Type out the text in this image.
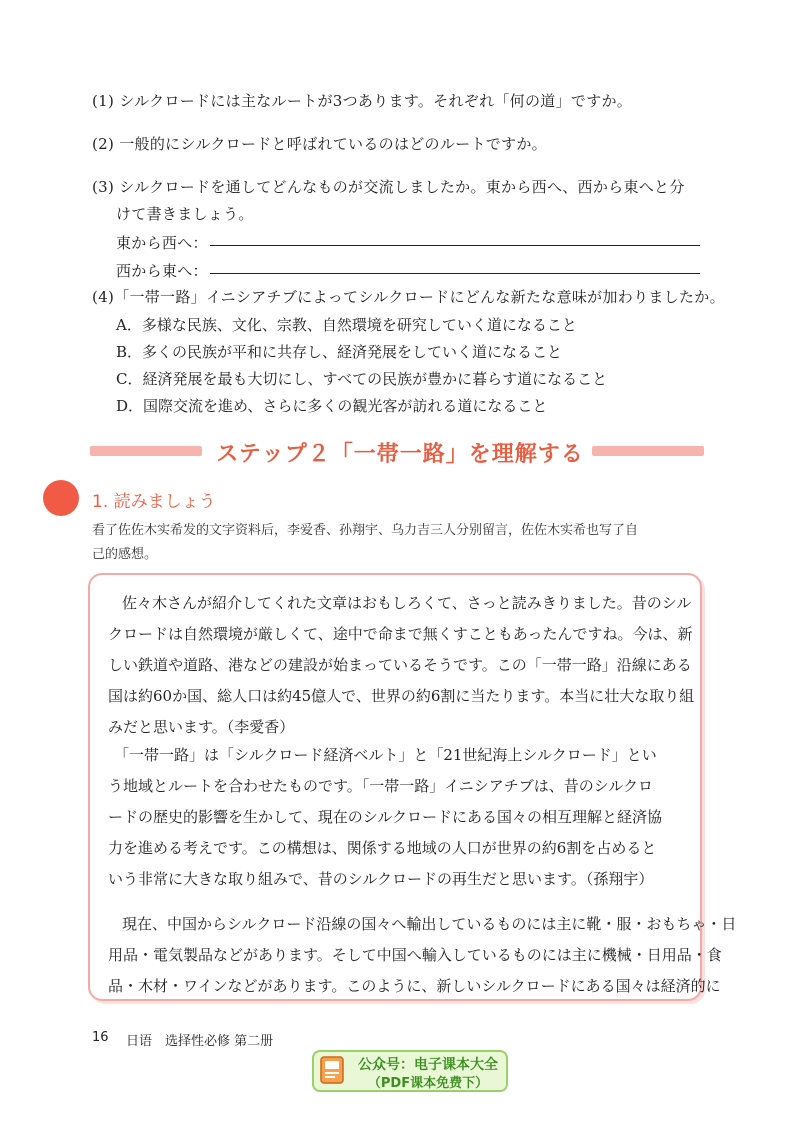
(1) シルクロードには主なルートが3つあります。それぞれ「何の道」ですか。
(2) 一般的にシルクロードと呼ばれているのはどのルートですか。
(3) シルクロードを通してどんなものが交流しましたか。東から西へ、西から東へと分
けて書きましょう。
東から西へ：
西から東へ：
(4)「一帯一路」イニシアチブによってシルクロードにどんな新たな意味が加わりましたか。
A．多様な民族、文化、宗教、自然環境を研究していく道になること
B．多くの民族が平和に共存し、経済発展をしていく道になること
C．経済発展を最も大切にし、すべての民族が豊かに暮らす道になること
D．国際交流を進め、さらに多くの観光客が訪れる道になること
ステップ２「一帯一路」を理解する
1. 読みましょう
看了佐佐木实希发的文字资料后，李爱香、孙翔宇、乌力吉三人分别留言，佐佐木实希也写了自
己的感想。
佐々木さんが紹介してくれた文章はおもしろくて、さっと読みきりました。昔のシル
クロードは自然環境が厳しくて、途中で命まで無くすこともあったんですね。今は、新
しい鉄道や道路、港などの建設が始まっているそうです。この「一帯一路」沿線にある
国は約60か国、総人口は約45億人で、世界の約6割に当たります。本当に壮大な取り組
みだと思います。（李愛香）
「一帯一路」は「シルクロード経済ベルト」と「21世紀海上シルクロード」とい
う地域とルートを合わせたものです。「一帯一路」イニシアチブは、昔のシルクロ
ードの歴史的影響を生かして、現在のシルクロードにある国々の相互理解と経済協
力を進める考えです。この構想は、関係する地域の人口が世界の約6割を占めると
いう非常に大きな取り組みで、昔のシルクロードの再生だと思います。（孫翔宇）
現在、中国からシルクロード沿線の国々へ輸出しているものには主に靴・服・おもちゃ・日
用品・電気製品などがあります。そして中国へ輸入しているものには主に機械・日用品・食
品・木材・ワインなどがあります。このように、新しいシルクロードにある国々は経済的に
16 日语　选择性必修 第二册
公众号：电子课本大全
（PDF课本免费下）
